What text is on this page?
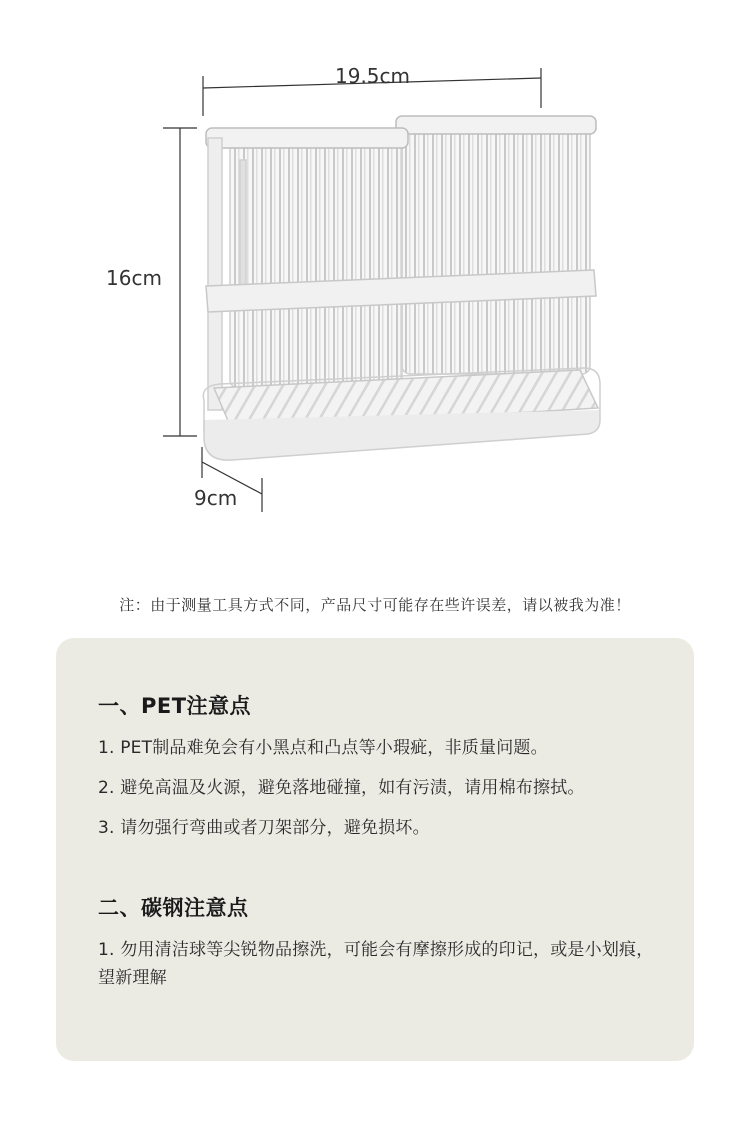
19.5cm
16cm
9cm
注：由于测量工具方式不同，产品尺寸可能存在些许误差，请以被我为准！
一、PET注意点
1. PET制品难免会有小黑点和凸点等小瑕疵，非质量问题。
2. 避免高温及火源，避免落地碰撞，如有污渍，请用棉布擦拭。
3. 请勿强行弯曲或者刀架部分，避免损坏。
二、碳钢注意点
1. 勿用清洁球等尖锐物品擦洗，可能会有摩擦形成的印记，或是小划痕，望新理解
